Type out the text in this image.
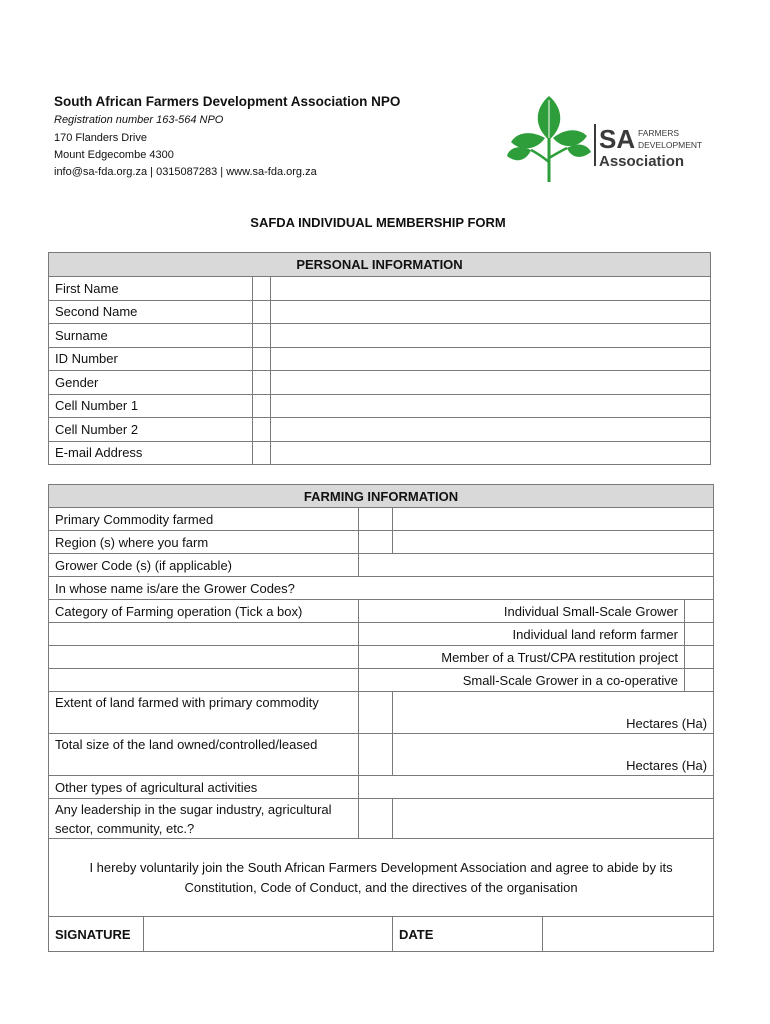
South African Farmers Development Association NPO
Registration number 163-564 NPO
170 Flanders Drive
Mount Edgecombe 4300
info@sa-fda.org.za | 0315087283 | www.sa-fda.org.za
SA FARMERS
DEVELOPMENT
Association
SAFDA INDIVIDUAL MEMBERSHIP FORM
PERSONAL INFORMATION		
First Name		
Second Name		
Surname		
ID Number		
Gender		
Cell Number 1		
Cell Number 2		
E-mail Address		
FARMING INFORMATION					
Primary Commodity farmed					
Region (s) where you farm					
Grower Code (s) (if applicable)					
In whose name is/are the Grower Codes?					
Category of Farming operation (Tick a box)		Individual Small-Scale Grower			
		Individual land reform farmer			
		Member of a Trust/CPA restitution project			
		Small-Scale Grower in a co-operative			
Extent of land farmed with primary commodity			Hectares (Ha)		
Total size of the land owned/controlled/leased			Hectares (Ha)		
Other types of agricultural activities					
Any leadership in the sugar industry, agricultural sector, community, etc.?					
I hereby voluntarily join the South African Farmers Development Association and agree to abide by its Constitution, Code of Conduct, and the directives of the organisation					
SIGNATURE			DATE		
